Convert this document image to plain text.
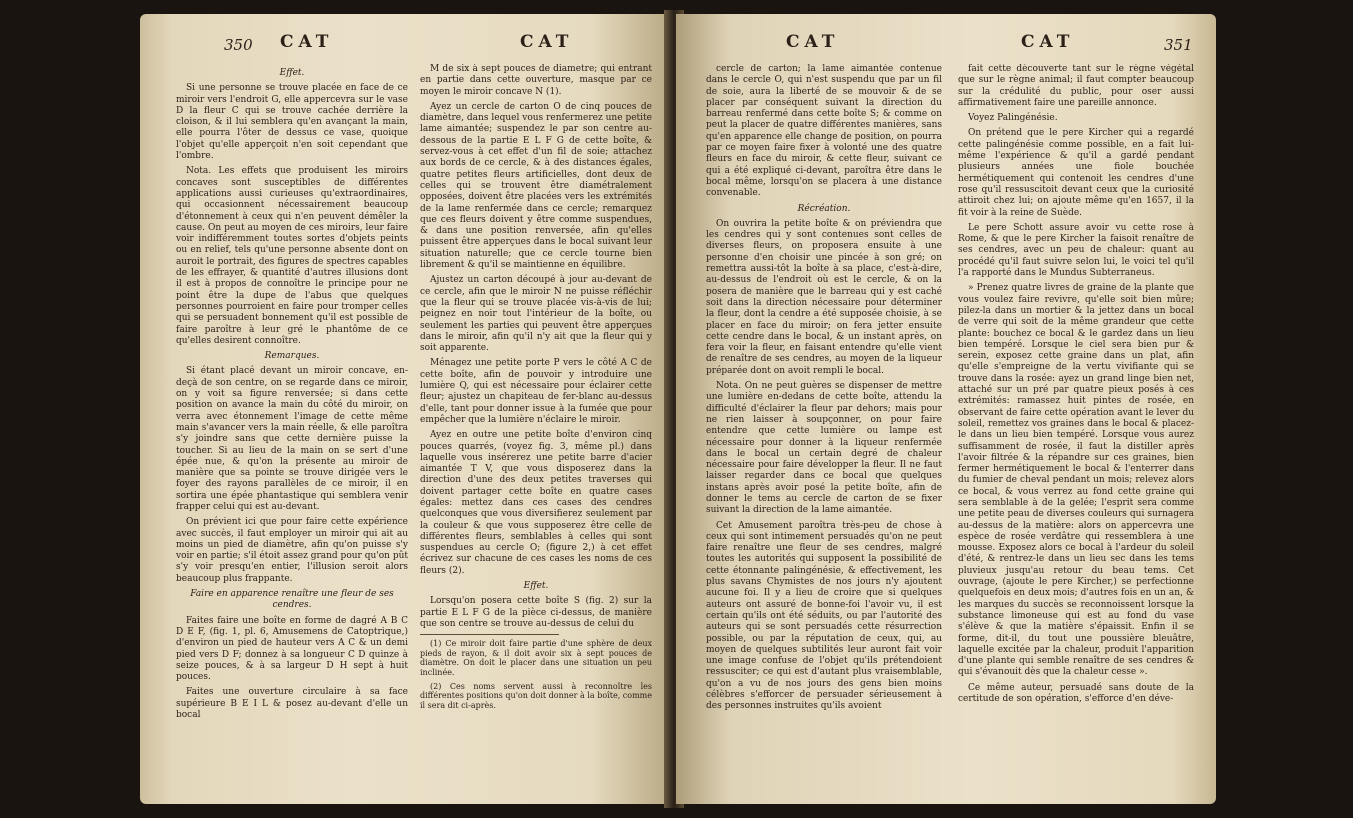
350 CAT	CAT

Effet.

Si une personne se trouve placée en face de ce miroir vers l'endroit G, elle appercevra sur le vase D la fleur C qui se trouve cachée derrière la cloison, & il lui semblera qu'en avançant la main, elle pourra l'ôter de dessus ce vase, quoique l'objet qu'elle apperçoit n'en soit cependant que l'ombre.

Nota. Les effets que produisent les miroirs concaves sont susceptibles de différentes applications aussi curieuses qu'extraordinaires, qui occasionnent nécessairement beaucoup d'étonnement à ceux qui n'en peuvent démêler la cause. On peut au moyen de ces miroirs, leur faire voir indifféremment toutes sortes d'objets peints ou en relief, tels qu'une personne absente dont on auroit le portrait, des figures de spectres capables de les effrayer, & quantité d'autres illusions dont il est à propos de connoître le principe pour ne point être la dupe de l'abus que quelques personnes pourroient en faire pour tromper celles qui se persuadent bonnement qu'il est possible de faire paroître à leur gré le phantôme de ce qu'elles desirent connoître.

Remarques.

Si étant placé devant un miroir concave, en-deçà de son centre, on se regarde dans ce miroir, on y voit sa figure renversée; si dans cette position on avance la main du côté du miroir, on verra avec étonnement l'image de cette même main s'avancer vers la main réelle, & elle paroîtra s'y joindre sans que cette dernière puisse la toucher. Si au lieu de la main on se sert d'une épée nue, & qu'on la présente au miroir de manière que sa pointe se trouve dirigée vers le foyer des rayons parallèles de ce miroir, il en sortira une épée phantastique qui semblera venir frapper celui qui est au-devant.

On prévient ici que pour faire cette expérience avec succès, il faut employer un miroir qui ait au moins un pied de diamètre, afin qu'on puisse s'y voir en partie; s'il étoit assez grand pour qu'on pût s'y voir presqu'en entier, l'illusion seroit alors beaucoup plus frappante.

Faire en apparence renaître une fleur de ses cendres.

Faites faire une boîte en forme de dagré A B C D E F, (fig. 1, pl. 6, Amusemens de Catoptrique,) d'environ un pied de hauteur vers A C & un demi pied vers D F; donnez à sa longueur C D quinze à seize pouces, & à sa largeur D H sept à huit pouces.

Faites une ouverture circulaire à sa face supérieure B E I L & posez au-devant d'elle un bocal

M de six à sept pouces de diametre; qui entrant en partie dans cette ouverture, masque par ce moyen le miroir concave N (1).

Ayez un cercle de carton O de cinq pouces de diamètre, dans lequel vous renfermerez une petite lame aimantée; suspendez le par son centre au-dessous de la partie E L F G de cette boîte, & servez-vous à cet effet d'un fil de soie; attachez aux bords de ce cercle, & à des distances égales, quatre petites fleurs artificielles, dont deux de celles qui se trouvent être diamétralement opposées, doivent être placées vers les extrémités de la lame renfermée dans ce cercle; remarquez que ces fleurs doivent y être comme suspendues, & dans une position renversée, afin qu'elles puissent être apperçues dans le bocal suivant leur situation naturelle; que ce cercle tourne bien librement & qu'il se maintienne en équilibre.

Ajustez un carton découpé à jour au-devant de ce cercle, afin que le miroir N ne puisse réfléchir que la fleur qui se trouve placée vis-à-vis de lui; peignez en noir tout l'intérieur de la boîte, ou seulement les parties qui peuvent être apperçues dans le miroir, afin qu'il n'y ait que la fleur qui y soit apparente.

Ménagez une petite porte P vers le côté A C de cette boîte, afin de pouvoir y introduire une lumière Q, qui est nécessaire pour éclairer cette fleur; ajustez un chapiteau de fer-blanc au-dessus d'elle, tant pour donner issue à la fumée que pour empêcher que la lumière n'éclaire le miroir.

Ayez en outre une petite boîte d'environ cinq pouces quarrés, (voyez fig. 3, même pl.) dans laquelle vous insérerez une petite barre d'acier aimantée T V, que vous disposerez dans la direction d'une des deux petites traverses qui doivent partager cette boîte en quatre cases égales: mettez dans ces cases des cendres quelconques que vous diversifierez seulement par la couleur & que vous supposerez être celle de différentes fleurs, semblables à celles qui sont suspendues au cercle O; (figure 2,) à cet effet écrivez sur chacune de ces cases les noms de ces fleurs (2).

Effet.

Lorsqu'on posera cette boîte S (fig. 2) sur la partie E L F G de la pièce ci-dessus, de manière que son centre se trouve au-dessus de celui du

(1) Ce miroir doit faire partie d'une sphère de deux pieds de rayon, & il doit avoir six à sept pouces de diamètre. On doit le placer dans une situation un peu inclinée.

(2) Ces noms servent aussi à reconnoître les différentes positions qu'on doit donner à la boîte, comme il sera dit ci-après.

CAT	CAT	351

cercle de carton; la lame aimantée contenue dans le cercle O, qui n'est suspendu que par un fil de soie, aura la liberté de se mouvoir & de se placer par conséquent suivant la direction du barreau renfermé dans cette boîte S; & comme on peut la placer de quatre différentes manières, sans qu'en apparence elle change de position, on pourra par ce moyen faire fixer à volonté une des quatre fleurs en face du miroir, & cette fleur, suivant ce qui a été expliqué ci-devant, paroîtra être dans le bocal même, lorsqu'on se placera à une distance convenable.

Récréation.

On ouvrira la petite boîte & on préviendra que les cendres qui y sont contenues sont celles de diverses fleurs, on proposera ensuite à une personne d'en choisir une pincée à son gré; on remettra aussi-tôt la boîte à sa place, c'est-à-dire, au-dessus de l'endroit où est le cercle, & on la posera de manière que le barreau qui y est caché soit dans la direction nécessaire pour déterminer la fleur, dont la cendre a été supposée choisie, à se placer en face du miroir; on fera jetter ensuite cette cendre dans le bocal, & un instant après, on fera voir la fleur, en faisant entendre qu'elle vient de renaître de ses cendres, au moyen de la liqueur préparée dont on avoit rempli le bocal.

Nota. On ne peut guères se dispenser de mettre une lumière en-dedans de cette boîte, attendu la difficulté d'éclairer la fleur par dehors; mais pour ne rien laisser à soupçonner, on pour faire entendre que cette lumière ou lampe est nécessaire pour donner à la liqueur renfermée dans le bocal un certain degré de chaleur nécessaire pour faire développer la fleur. Il ne faut laisser regarder dans ce bocal que quelques instans après avoir posé la petite boîte, afin de donner le tems au cercle de carton de se fixer suivant la direction de la lame aimantée.

Cet Amusement paroîtra très-peu de chose à ceux qui sont intimement persuadés qu'on ne peut faire renaître une fleur de ses cendres, malgré toutes les autorités qui supposent la possibilité de cette étonnante palingénésie, & effectivement, les plus savans Chymistes de nos jours n'y ajoutent aucune foi. Il y a lieu de croire que si quelques auteurs ont assuré de bonne-foi l'avoir vu, il est certain qu'ils ont été séduits, ou par l'autorité des auteurs qui se sont persuadés cette résurrection possible, ou par la réputation de ceux, qui, au moyen de quelques subtilités leur auront fait voir une image confuse de l'objet qu'ils prétendoient ressusciter; ce qui est d'autant plus vraisemblable, qu'on a vu de nos jours des gens bien moins célèbres s'efforcer de persuader sérieusement à des personnes instruites qu'ils avoient

fait cette découverte tant sur le règne végétal que sur le règne animal; il faut compter beaucoup sur la crédulité du public, pour oser aussi affirmativement faire une pareille annonce.

Voyez Palingénésie.

On prétend que le pere Kircher qui a regardé cette palingénésie comme possible, en a fait lui-même l'expérience & qu'il a gardé pendant plusieurs années une fiole bouchée hermétiquement qui contenoit les cendres d'une rose qu'il ressuscitoit devant ceux que la curiosité attiroit chez lui; on ajoute même qu'en 1657, il la fit voir à la reine de Suède.

Le pere Schott assure avoir vu cette rose à Rome, & que le pere Kircher la faisoit renaître de ses cendres, avec un peu de chaleur: quant au procédé qu'il faut suivre selon lui, le voici tel qu'il l'a rapporté dans le Mundus Subterraneus.

» Prenez quatre livres de graine de la plante que vous voulez faire revivre, qu'elle soit bien mûre; pilez-la dans un mortier & la jettez dans un bocal de verre qui soit de la même grandeur que cette plante: bouchez ce bocal & le gardez dans un lieu bien tempéré. Lorsque le ciel sera bien pur & serein, exposez cette graine dans un plat, afin qu'elle s'empreigne de la vertu vivifiante qui se trouve dans la rosée: ayez un grand linge bien net, attaché sur un pré par quatre pieux posés à ces extrémités: ramassez huit pintes de rosée, en observant de faire cette opération avant le lever du soleil, remettez vos graines dans le bocal & placez-le dans un lieu bien tempéré. Lorsque vous aurez suffisamment de rosée, il faut la distiller après l'avoir filtrée & la répandre sur ces graines, bien fermer hermétiquement le bocal & l'enterrer dans du fumier de cheval pendant un mois; relevez alors ce bocal, & vous verrez au fond cette graine qui sera semblable à de la gelée; l'esprit sera comme une petite peau de diverses couleurs qui surnagera au-dessus de la matière: alors on appercevra une espèce de rosée verdâtre qui ressemblera à une mousse. Exposez alors ce bocal à l'ardeur du soleil d'été, & rentrez-le dans un lieu sec dans les tems pluvieux jusqu'au retour du beau tems. Cet ouvrage, (ajoute le pere Kircher,) se perfectionne quelquefois en deux mois; d'autres fois en un an, & les marques du succès se reconnoissent lorsque la substance limoneuse qui est au fond du vase s'élève & que la matière s'épaissit. Enfin il se forme, dit-il, du tout une poussière bleuâtre, laquelle excitée par la chaleur, produit l'apparition d'une plante qui semble renaître de ses cendres & qui s'évanouit dès que la chaleur cesse ».

Ce même auteur, persuadé sans doute de la certitude de son opération, s'efforce d'en déve-
